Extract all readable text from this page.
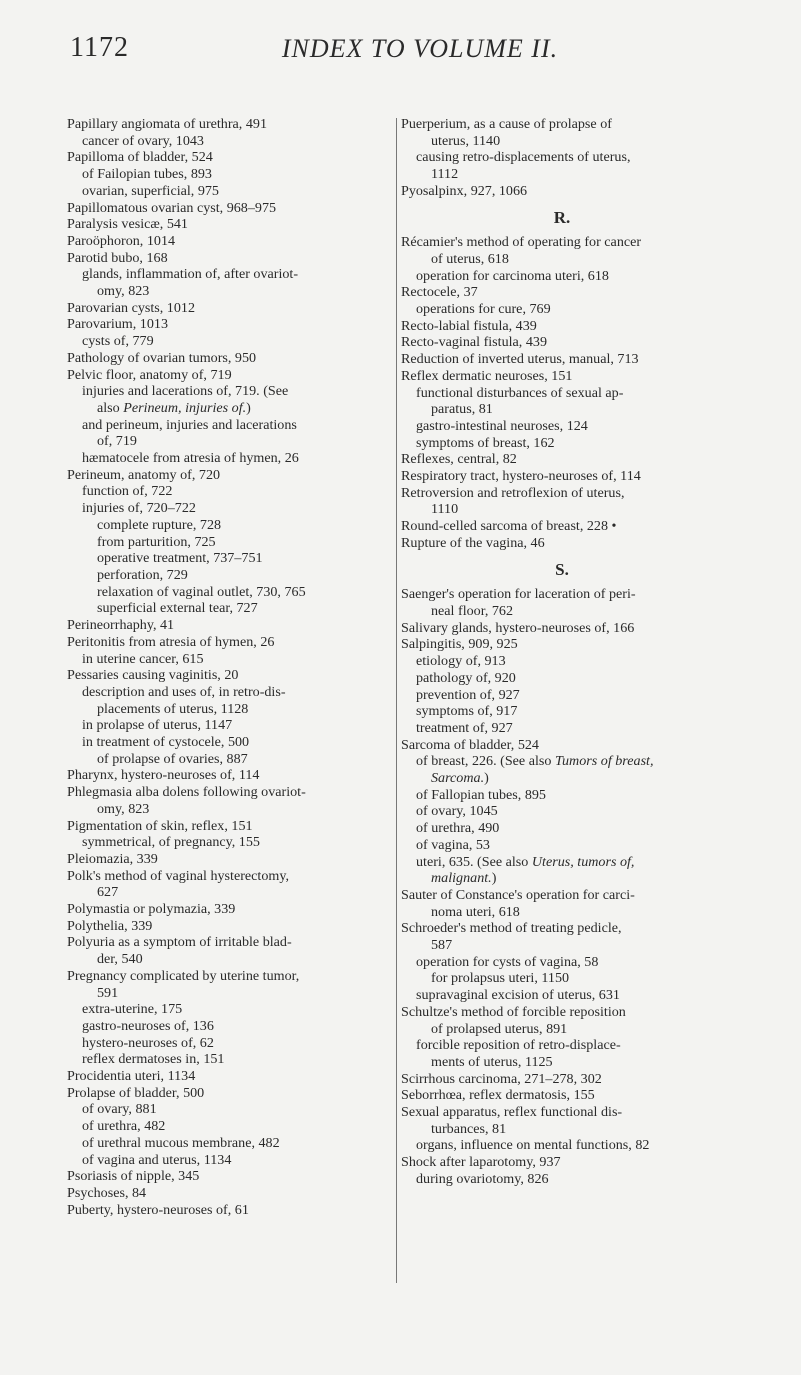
1172	INDEX TO VOLUME II.
Papillary angiomata of urethra, 491
cancer of ovary, 1043
Papilloma of bladder, 524
of Failopian tubes, 893
ovarian, superficial, 975
Papillomatous ovarian cyst, 968–975
Paralysis vesicæ, 541
Paroöphoron, 1014
Parotid bubo, 168
glands, inflammation of, after ovariot-
omy, 823
Parovarian cysts, 1012
Parovarium, 1013
cysts of, 779
Pathology of ovarian tumors, 950
Pelvic floor, anatomy of, 719
injuries and lacerations of, 719. (See
also Perineum, injuries of.)
and perineum, injuries and lacerations
of, 719
hæmatocele from atresia of hymen, 26
Perineum, anatomy of, 720
function of, 722
injuries of, 720–722
complete rupture, 728
from parturition, 725
operative treatment, 737–751
perforation, 729
relaxation of vaginal outlet, 730, 765
superficial external tear, 727
Perineorrhaphy, 41
Peritonitis from atresia of hymen, 26
in uterine cancer, 615
Pessaries causing vaginitis, 20
description and uses of, in retro-dis-
placements of uterus, 1128
in prolapse of uterus, 1147
in treatment of cystocele, 500
of prolapse of ovaries, 887
Pharynx, hystero-neuroses of, 114
Phlegmasia alba dolens following ovariot-
omy, 823
Pigmentation of skin, reflex, 151
symmetrical, of pregnancy, 155
Pleiomazia, 339
Polk's method of vaginal hysterectomy,
627
Polymastia or polymazia, 339
Polythelia, 339
Polyuria as a symptom of irritable blad-
der, 540
Pregnancy complicated by uterine tumor,
591
extra-uterine, 175
gastro-neuroses of, 136
hystero-neuroses of, 62
reflex dermatoses in, 151
Procidentia uteri, 1134
Prolapse of bladder, 500
of ovary, 881
of urethra, 482
of urethral mucous membrane, 482
of vagina and uterus, 1134
Psoriasis of nipple, 345
Psychoses, 84
Puberty, hystero-neuroses of, 61
Puerperium, as a cause of prolapse of
uterus, 1140
causing retro-displacements of uterus,
1112
Pyosalpinx, 927, 1066
R.
Récamier's method of operating for cancer
of uterus, 618
operation for carcinoma uteri, 618
Rectocele, 37
operations for cure, 769
Recto-labial fistula, 439
Recto-vaginal fistula, 439
Reduction of inverted uterus, manual, 713
Reflex dermatic neuroses, 151
functional disturbances of sexual ap-
paratus, 81
gastro-intestinal neuroses, 124
symptoms of breast, 162
Reflexes, central, 82
Respiratory tract, hystero-neuroses of, 114
Retroversion and retroflexion of uterus,
1110
Round-celled sarcoma of breast, 228 •
Rupture of the vagina, 46
S.
Saenger's operation for laceration of peri-
neal floor, 762
Salivary glands, hystero-neuroses of, 166
Salpingitis, 909, 925
etiology of, 913
pathology of, 920
prevention of, 927
symptoms of, 917
treatment of, 927
Sarcoma of bladder, 524
of breast, 226. (See also Tumors of breast,
Sarcoma.)
of Fallopian tubes, 895
of ovary, 1045
of urethra, 490
of vagina, 53
uteri, 635. (See also Uterus, tumors of,
malignant.)
Sauter of Constance's operation for carci-
noma uteri, 618
Schroeder's method of treating pedicle,
587
operation for cysts of vagina, 58
for prolapsus uteri, 1150
supravaginal excision of uterus, 631
Schultze's method of forcible reposition
of prolapsed uterus, 891
forcible reposition of retro-displace-
ments of uterus, 1125
Scirrhous carcinoma, 271–278, 302
Seborrhœa, reflex dermatosis, 155
Sexual apparatus, reflex functional dis-
turbances, 81
organs, influence on mental functions, 82
Shock after laparotomy, 937
during ovariotomy, 826
